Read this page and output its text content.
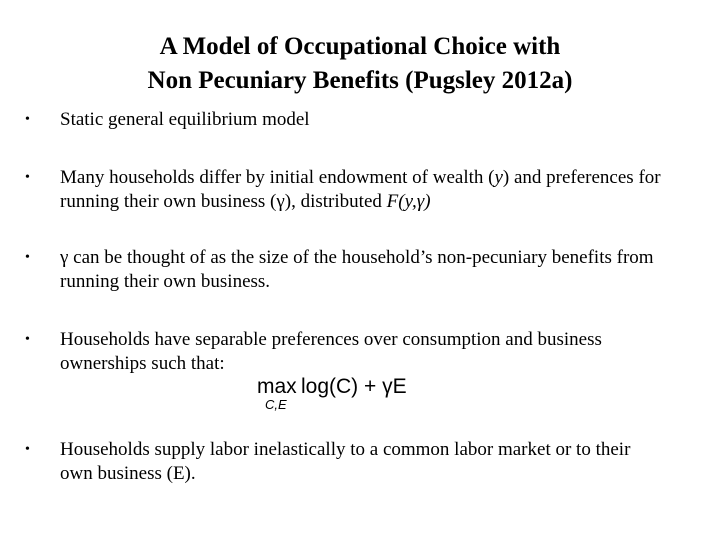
A Model of Occupational Choice with
Non Pecuniary Benefits (Pugsley 2012a)
•	Static general equilibrium model
•	Many households differ by initial endowment of wealth (y) and preferences for
running their own business (γ), distributed F(y,γ)
•	γ can be thought of as the size of the household’s non-pecuniary benefits from
running their own business.
•	Households have separable preferences over consumption and business
ownerships such that:
max
C,E
log(C) + γE
•	Households supply labor inelastically to a common labor market or to their
own business (E).
